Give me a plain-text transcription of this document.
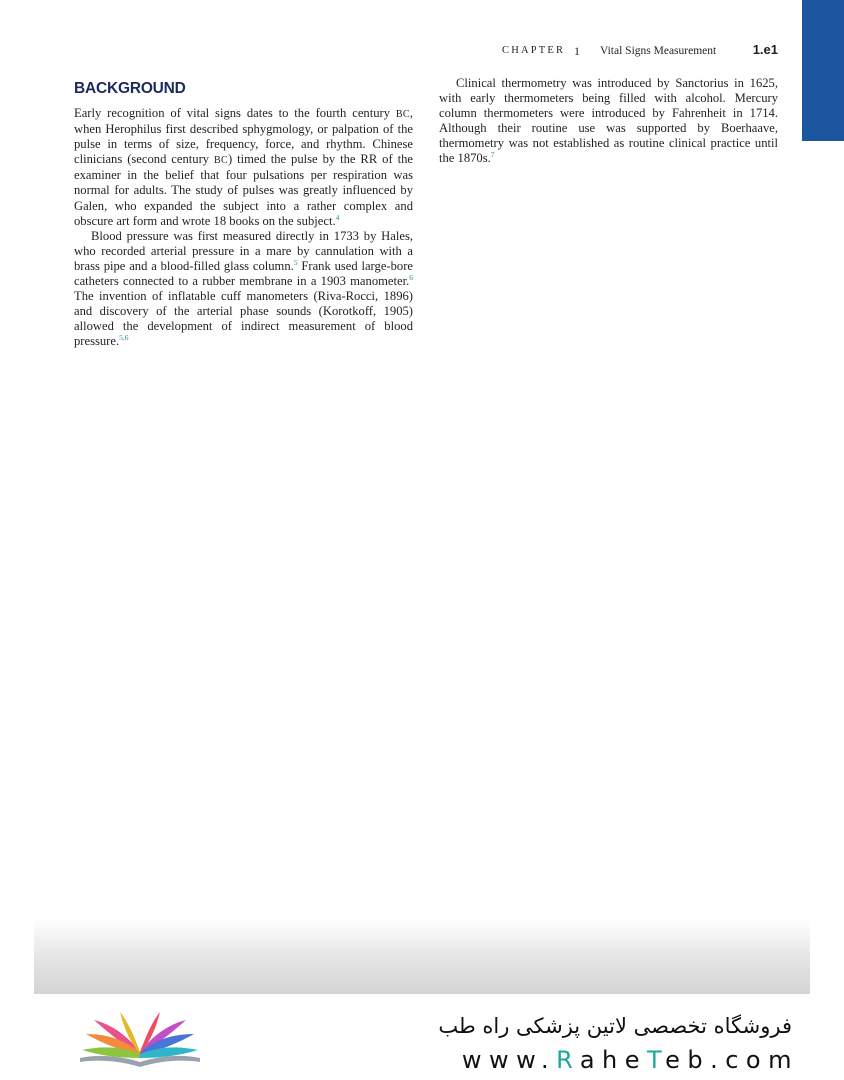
CHAPTER 1 Vital Signs Measurement	1.e1
BACKGROUND

Early recognition of vital signs dates to the fourth century BC, when Herophilus first described sphygmology, or palpation of the pulse in terms of size, frequency, force, and rhythm. Chinese clinicians (second century BC) timed the pulse by the RR of the examiner in the belief that four pulsations per respiration was normal for adults. The study of pulses was greatly influenced by Galen, who expanded the subject into a rather complex and obscure art form and wrote 18 books on the subject.$^4$

Blood pressure was first measured directly in 1733 by Hales, who recorded arterial pressure in a mare by cannulation with a brass pipe and a blood-filled glass column.$^5$ Frank used large-bore catheters connected to a rubber membrane in a 1903 manometer.$^6$ The invention of inflatable cuff manometers (Riva-Rocci, 1896) and discovery of the arterial phase sounds (Korotkoff, 1905) allowed the development of indirect measurement of blood pressure.$^{5,6}$

Clinical thermometry was introduced by Sanctorius in 1625, with early thermometers being filled with alcohol. Mercury column thermometers were introduced by Fahrenheit in 1714. Although their routine use was supported by Boerhaave, thermometry was not established as routine clinical practice until the 1870s.$^7$

فروشگاه تخصصی لاتین پزشکی راه طب
www.RaheTeb.com
